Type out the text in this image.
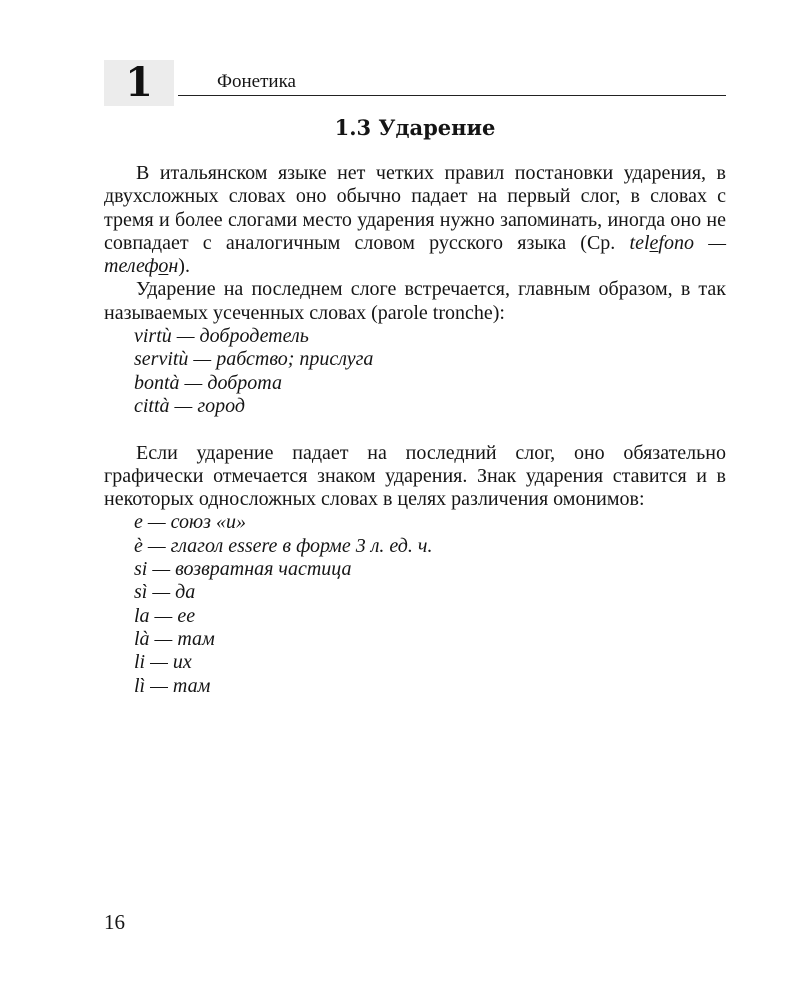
1	Фонетика
1.3 Ударение

В итальянском языке нет четких правил постановки ударения, в двухсложных словах оно обычно падает на первый слог, в словах с тремя и более слогами место ударения нужно запоминать, иногда оно не совпадает с аналогичным словом русского языка (Ср. telefono — телефон).

Ударение на последнем слоге встречается, главным образом, в так называемых усеченных словах (parole tronche):

virtù — добродетель
servitù — рабство; прислуга
bontà — доброта
città — город

Если ударение падает на последний слог, оно обязательно графически отмечается знаком ударения. Знак ударения ставится и в некоторых односложных словах в целях различения омонимов:

e — союз «и»
è — глагол essere в форме 3 л. ед. ч.
si — возвратная частица
sì — да
la — ее
là — там
li — их
lì — там
16
